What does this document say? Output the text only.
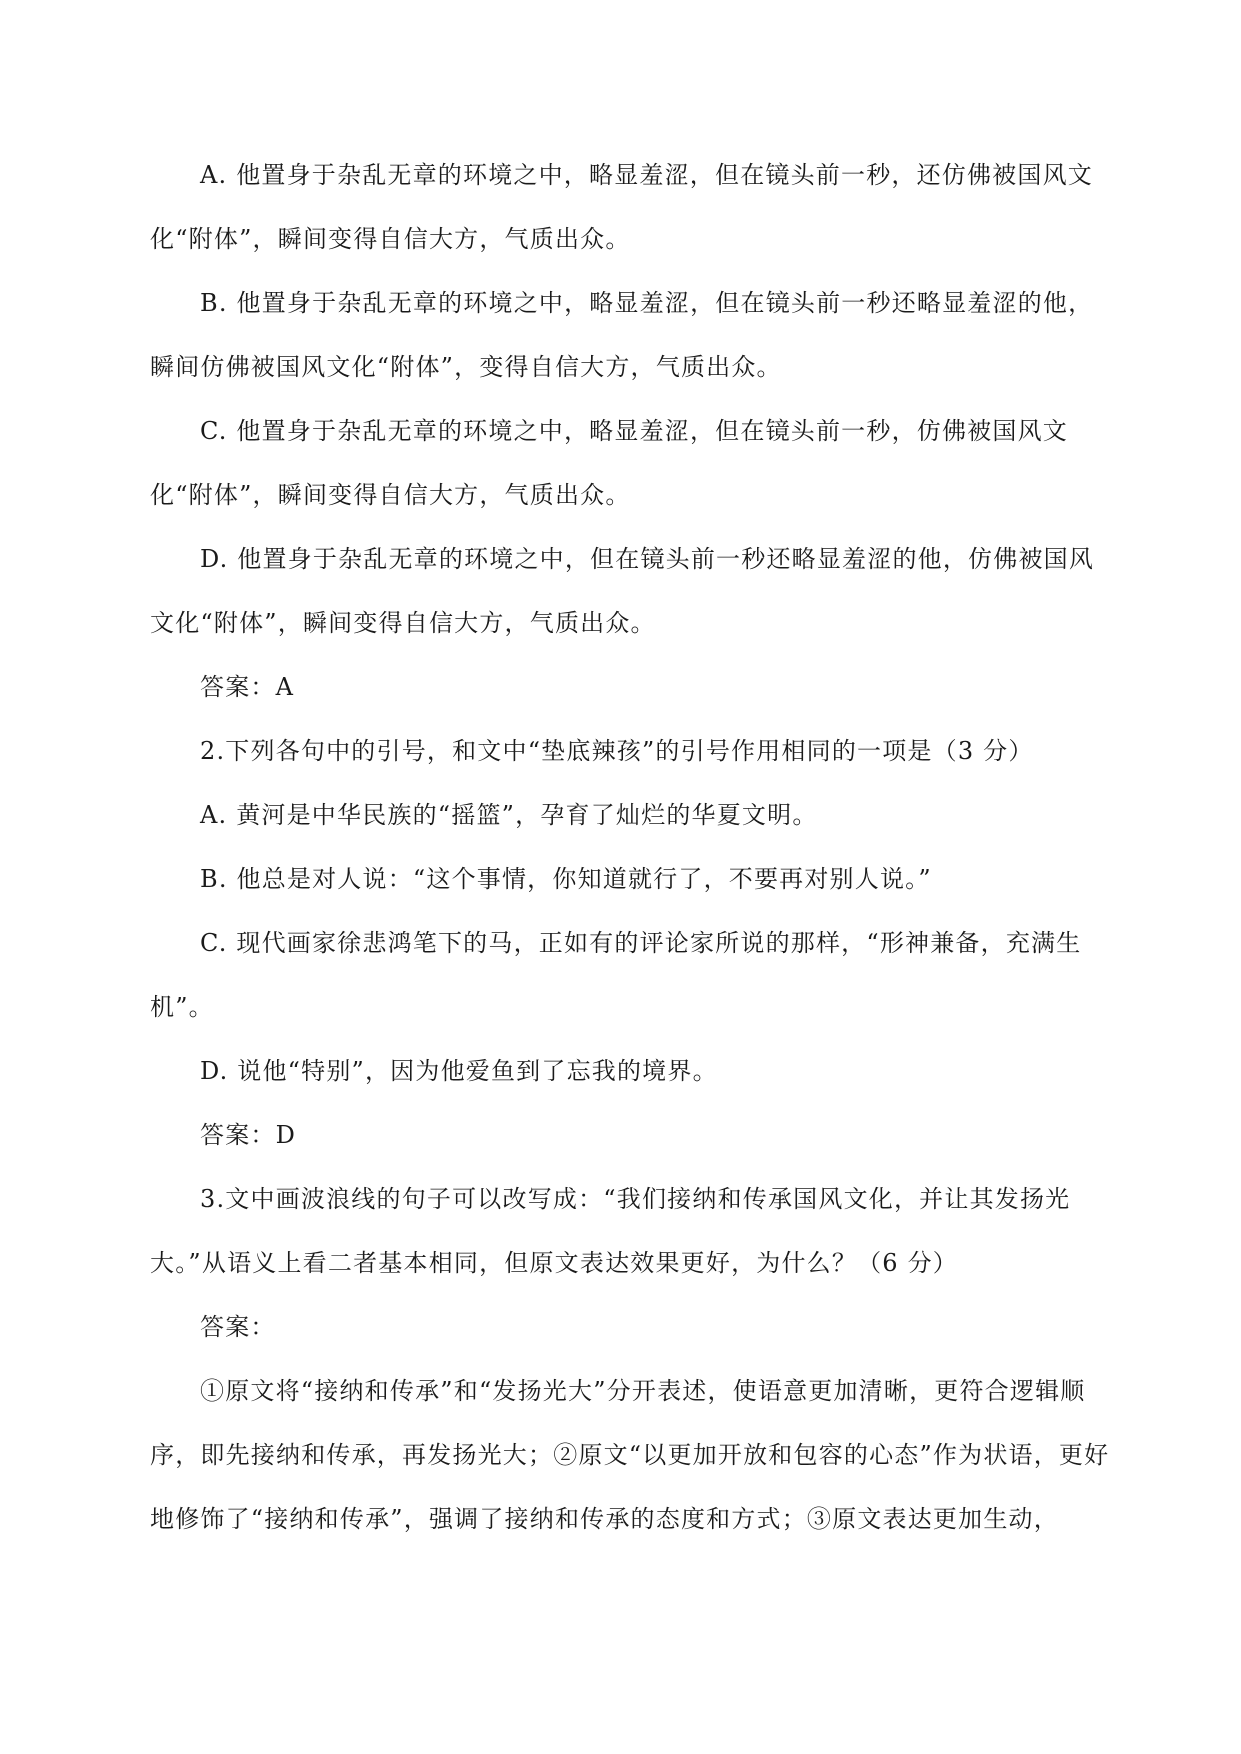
A. 他置身于杂乱无章的环境之中，略显羞涩，但在镜头前一秒，还仿佛被国风文化“附体”，瞬间变得自信大方，气质出众。

B. 他置身于杂乱无章的环境之中，略显羞涩，但在镜头前一秒还略显羞涩的他，瞬间仿佛被国风文化“附体”，变得自信大方，气质出众。

C. 他置身于杂乱无章的环境之中，略显羞涩，但在镜头前一秒，仿佛被国风文化“附体”，瞬间变得自信大方，气质出众。

D. 他置身于杂乱无章的环境之中，但在镜头前一秒还略显羞涩的他，仿佛被国风文化“附体”，瞬间变得自信大方，气质出众。

答案：A

2.下列各句中的引号，和文中“垫底辣孩”的引号作用相同的一项是（3 分）

A. 黄河是中华民族的“摇篮”，孕育了灿烂的华夏文明。

B. 他总是对人说：“这个事情，你知道就行了，不要再对别人说。”

C. 现代画家徐悲鸿笔下的马，正如有的评论家所说的那样，“形神兼备，充满生机”。

D. 说他“特别”，因为他爱鱼到了忘我的境界。

答案：D

3.文中画波浪线的句子可以改写成：“我们接纳和传承国风文化，并让其发扬光大。”从语义上看二者基本相同，但原文表达效果更好，为什么？（6 分）

答案：

①原文将“接纳和传承”和“发扬光大”分开表述，使语意更加清晰，更符合逻辑顺序，即先接纳和传承，再发扬光大；②原文“以更加开放和包容的心态”作为状语，更好地修饰了“接纳和传承”，强调了接纳和传承的态度和方式；③原文表达更加生动，
